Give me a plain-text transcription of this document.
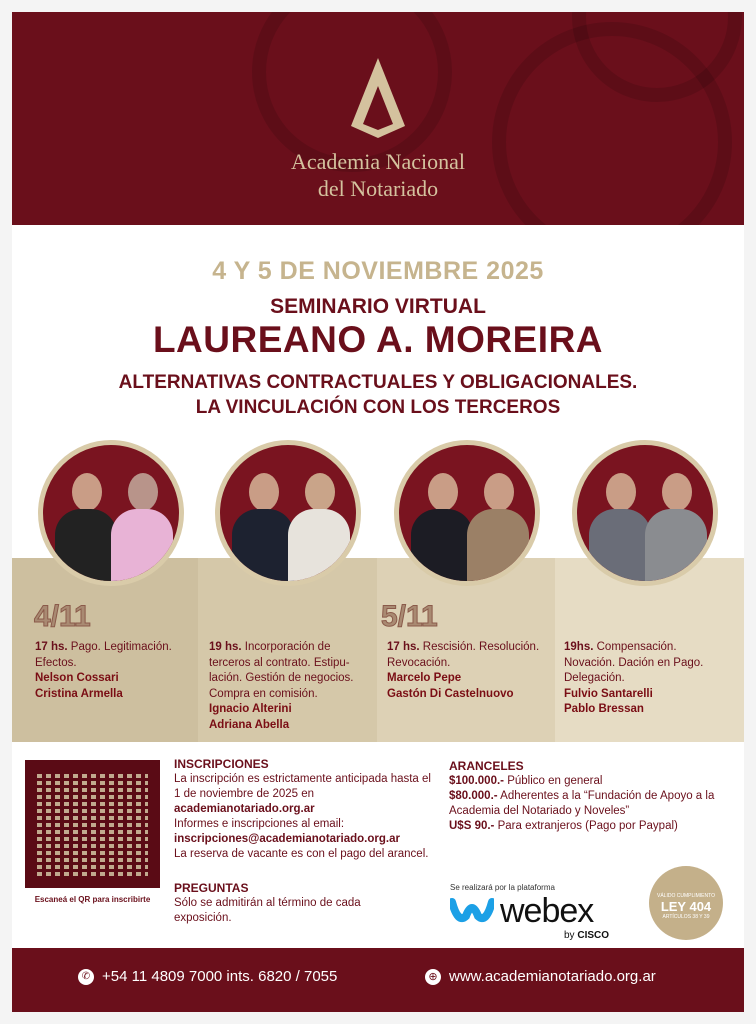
Academia Nacional
del Notariado
4 Y 5 DE NOVIEMBRE 2025
SEMINARIO VIRTUAL
LAUREANO A. MOREIRA
ALTERNATIVAS CONTRACTUALES Y OBLIGACIONALES.
LA VINCULACIÓN CON LOS TERCEROS
4/11	5/11
17 hs. Pago. Legitimación. Efectos.
Nelson Cossari
Cristina Armella
19 hs. Incorporación de terceros al contrato. Estipu-lación. Gestión de negocios. Compra en comisión.
Ignacio Alterini
Adriana Abella
17 hs. Rescisión. Resolución. Revocación.
Marcelo Pepe
Gastón Di Castelnuovo
19hs. Compensación. Novación. Dación en Pago. Delegación.
Fulvio Santarelli
Pablo Bressan
Escaneá el QR para inscribirte
INSCRIPCIONES
La inscripción es estrictamente anticipada hasta el 1 de noviembre de 2025 en
academianotariado.org.ar
Informes e inscripciones al email:
inscripciones@academianotariado.org.ar
La reserva de vacante es con el pago del arancel.
PREGUNTAS
Sólo se admitirán al término de cada exposición.
ARANCELES
$100.000.- Público en general
$80.000.- Adherentes a la “Fundación de Apoyo a la Academia del Notariado y Noveles”
U$S 90.- Para extranjeros (Pago por Paypal)
Se realizará por la plataforma
webex
by CISCO
VÁLIDO CUMPLIMIENTO
LEY 404
ARTÍCULOS 38 Y 39
✆ +54 11 4809 7000 ints. 6820 / 7055	⊕ www.academianotariado.org.ar
